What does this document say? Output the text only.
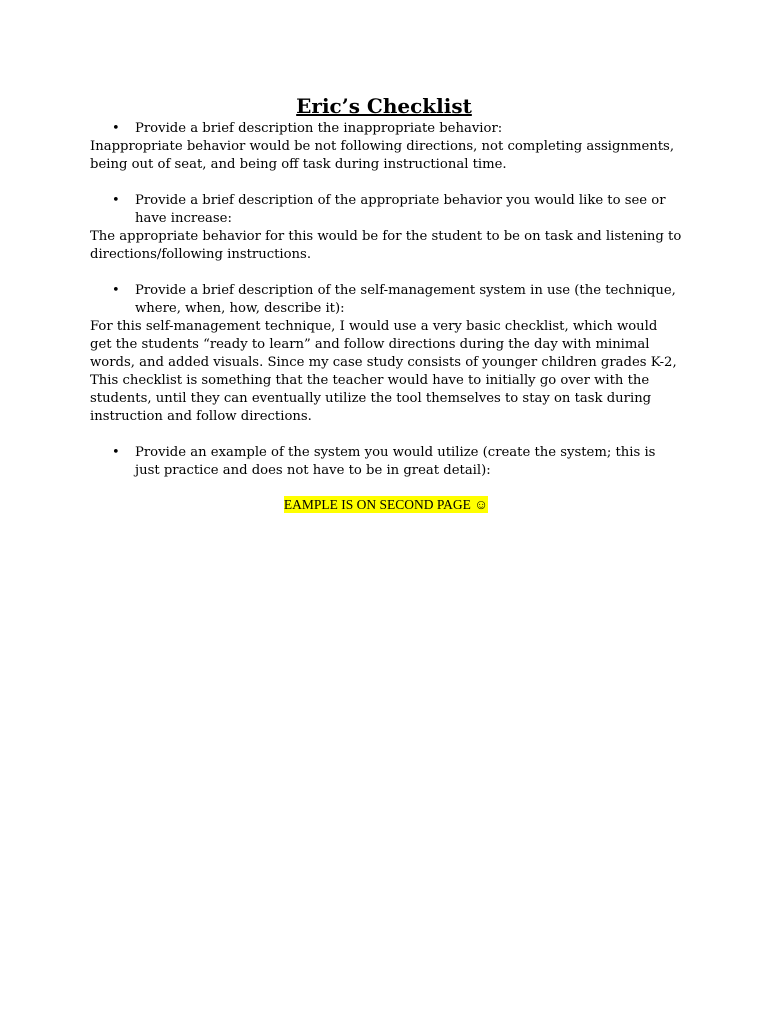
Eric’s Checklist
• Provide a brief description the inappropriate behavior:

Inappropriate behavior would be not following directions, not completing assignments, being out of seat, and being off task during instructional time.

• Provide a brief description of the appropriate behavior you would like to see or have increase:

The appropriate behavior for this would be for the student to be on task and listening to directions/following instructions.

• Provide a brief description of the self-management system in use (the technique, where, when, how, describe it):

For this self-management technique, I would use a very basic checklist, which would get the students “ready to learn” and follow directions during the day with minimal words, and added visuals. Since my case study consists of younger children grades K-2, This checklist is something that the teacher would have to initially go over with the students, until they can eventually utilize the tool themselves to stay on task during instruction and follow directions.

• Provide an example of the system you would utilize (create the system; this is just practice and does not have to be in great detail):
EAMPLE IS ON SECOND PAGE ☺
